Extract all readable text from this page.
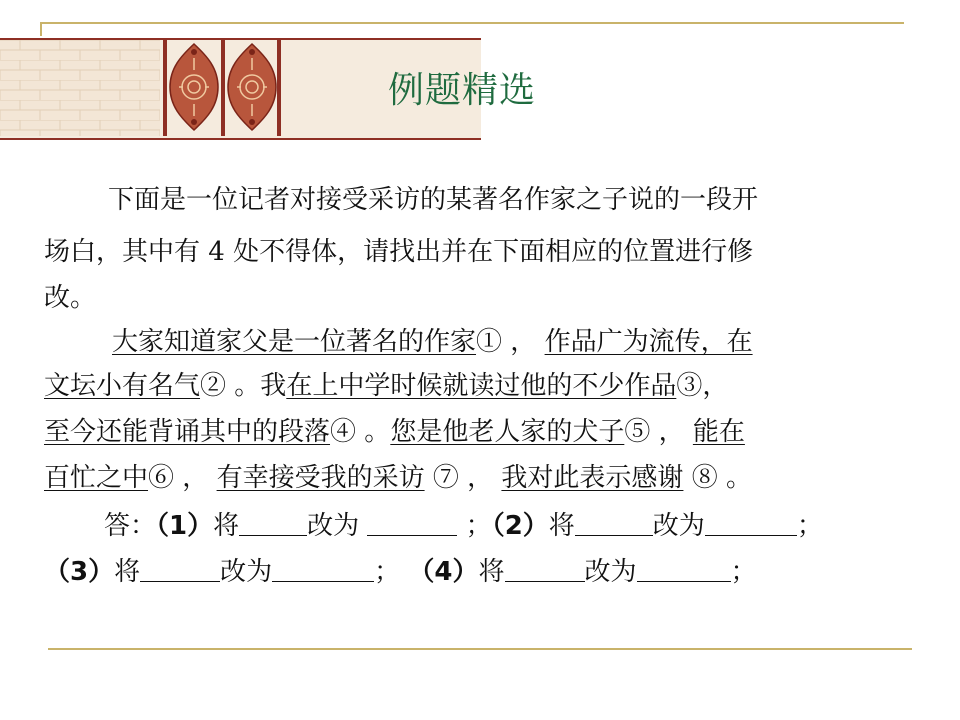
例题精选
下面是一位记者对接受采访的某著名作家之子说的一段开
场白，其中有 4 处不得体，请找出并在下面相应的位置进行修
改。
大家知道家父是一位著名的作家① ， 作品广为流传，在
文坛小有名气② 。我在上中学时候就读过他的不少作品③，
至今还能背诵其中的段落④ 。您是他老人家的犬子⑤ ， 能在
百忙之中⑥ ， 有幸接受我的采访 ⑦ ， 我对此表示感谢 ⑧ 。
答：（1）将	改为	；（2）将	改为	；
（3）将	改为	； （4）将	改为	；
